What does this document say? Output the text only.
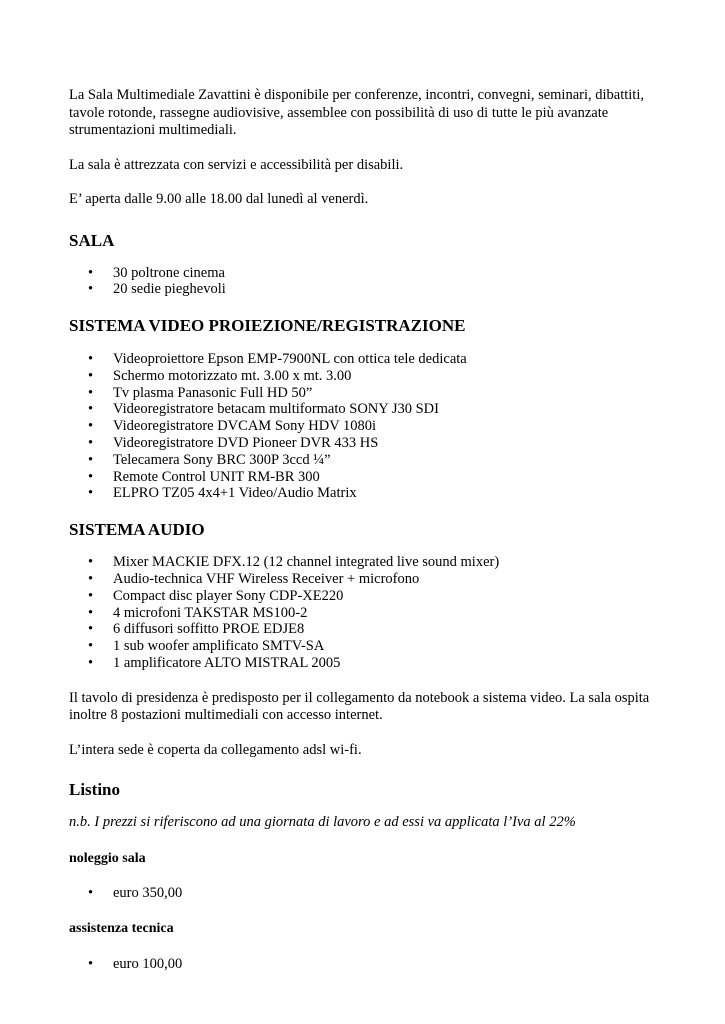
La Sala Multimediale Zavattini è disponibile per conferenze, incontri, convegni, seminari, dibattiti, tavole rotonde, rassegne audiovisive, assemblee con possibilità di uso di tutte le più avanzate strumentazioni multimediali.

La sala è attrezzata con servizi e accessibilità per disabili.

E’ aperta dalle 9.00 alle 18.00 dal lunedì al venerdì.

SALA
• 30 poltrone cinema
• 20 sedie pieghevoli
SISTEMA VIDEO PROIEZIONE/REGISTRAZIONE
• Videoproiettore Epson EMP-7900NL con ottica tele dedicata
• Schermo motorizzato mt. 3.00 x mt. 3.00
• Tv plasma Panasonic Full HD 50”
• Videoregistratore betacam multiformato SONY J30 SDI
• Videoregistratore DVCAM Sony HDV 1080i
• Videoregistratore DVD Pioneer DVR 433 HS
• Telecamera Sony BRC 300P 3ccd ¼”
• Remote Control UNIT RM-BR 300
• ELPRO TZ05 4x4+1 Video/Audio Matrix
SISTEMA AUDIO
• Mixer MACKIE DFX.12 (12 channel integrated live sound mixer)
• Audio-technica VHF Wireless Receiver + microfono
• Compact disc player Sony CDP-XE220
• 4 microfoni TAKSTAR MS100-2
• 6 diffusori soffitto PROE EDJE8
• 1 sub woofer amplificato SMTV-SA
• 1 amplificatore ALTO MISTRAL 2005

Il tavolo di presidenza è predisposto per il collegamento da notebook a sistema video. La sala ospita inoltre 8 postazioni multimediali con accesso internet.

L’intera sede è coperta da collegamento adsl wi-fi.

Listino

n.b. I prezzi si riferiscono ad una giornata di lavoro e ad essi va applicata l’Iva al 22%

noleggio sala

• euro 350,00

assistenza tecnica

• euro 100,00
